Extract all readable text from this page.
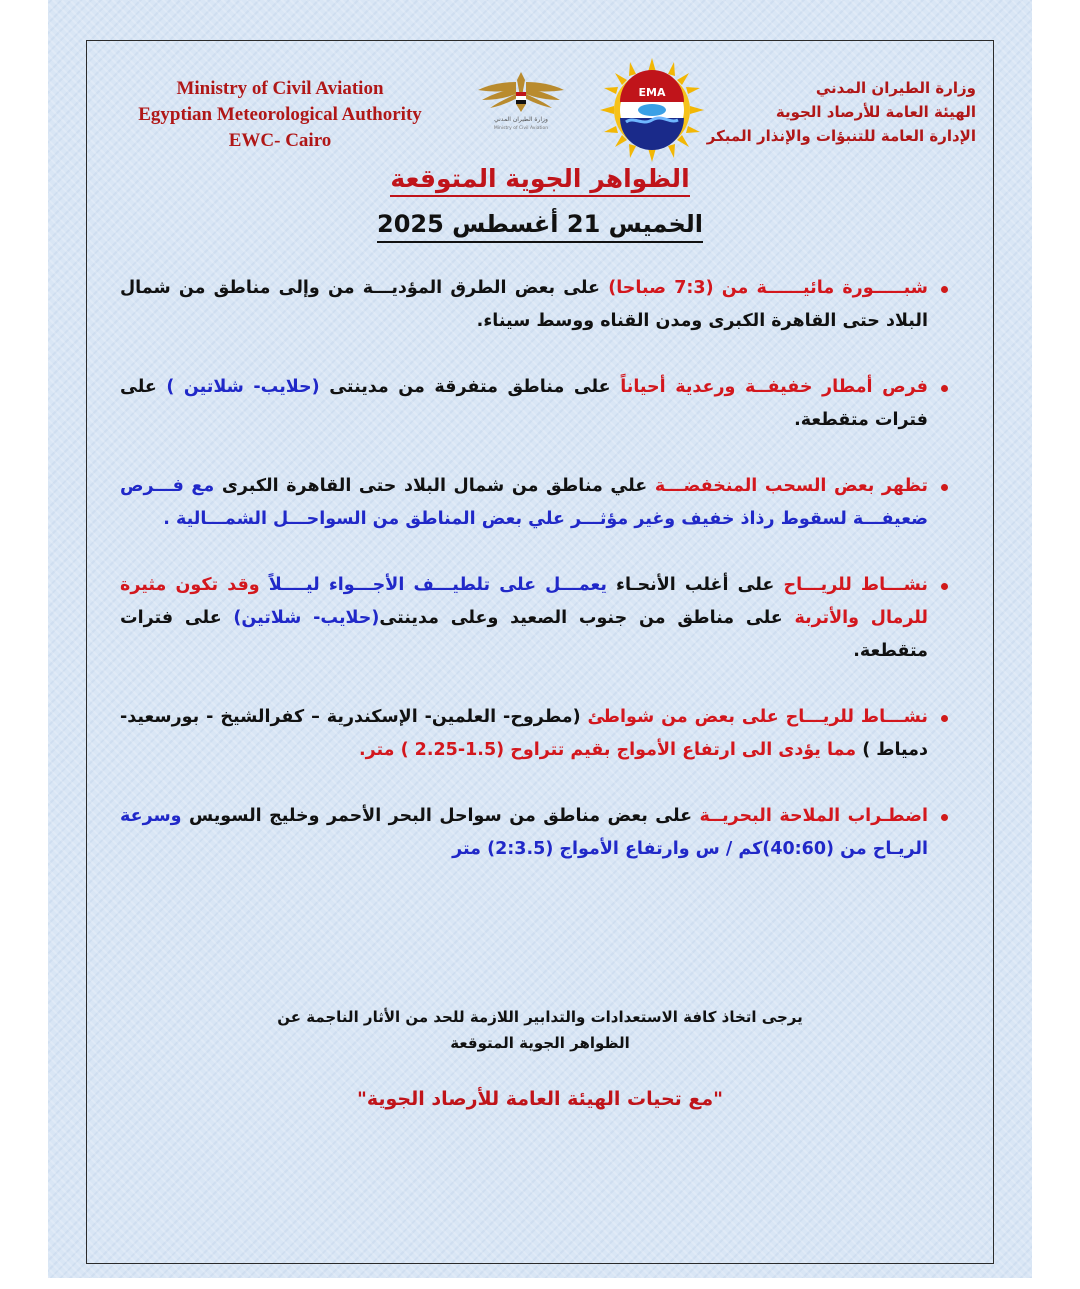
Ministry of Civil Aviation
Egyptian Meteorological Authority
EWC- Cairo
وزارة الطيران المدني
Ministry of Civil Aviation
EMA	وزارة الطيران المدني
الهيئة العامة للأرصاد الجوية
الإدارة العامة للتنبؤات والإنذار المبكر
الظواهر الجوية المتوقعة
الخميس 21 أغسطس 2025
شبـــــورة مائيــــــة من (7:3 صباحا) على بعض الطرق المؤديـــة من وإلى مناطق من شمال البلاد حتى القاهرة الكبرى ومدن القناه ووسط سيناء.
فرص أمطار خفيفــة ورعدية أحياناً على مناطق متفرقة من مدينتى (حلايب- شلاتين ) على فترات متقطعة.
تظهر بعض السحب المنخفضـــة علي مناطق من شمال البلاد حتى القاهرة الكبرى مع فـــرص ضعيفـــة لسقوط رذاذ خفيف وغير مؤثـــر علي بعض المناطق من السواحـــل الشمـــالية .
نشـــاط للريـــاح على أغلب الأنحـاء يعمـــل على تلطيـــف الأجـــواء ليــــلاً وقد تكون مثيرة للرمال والأتربة على مناطق من جنوب الصعيد وعلى مدينتى(حلايب- شلاتين) على فترات متقطعة.
نشـــاط للريـــاح على بعض من شواطئ (مطروح- العلمين- الإسكندرية – كفرالشيخ - بورسعيد- دمياط ) مما يؤدى الى ارتفاع الأمواج بقيم تتراوح (1.5-2.25 ) متر.
اضطـراب الملاحة البحريــة على بعض مناطق من سواحل البحر الأحمر وخليج السويس وسرعة الريـاح من (40:60)كم / س وارتفاع الأمواج (2:3.5) متر
يرجى اتخاذ كافة الاستعدادات والتدابير اللازمة للحد من الأثار الناجمة عن
الظواهر الجوية المتوقعة
"مع تحيات الهيئة العامة للأرصاد الجوية"
